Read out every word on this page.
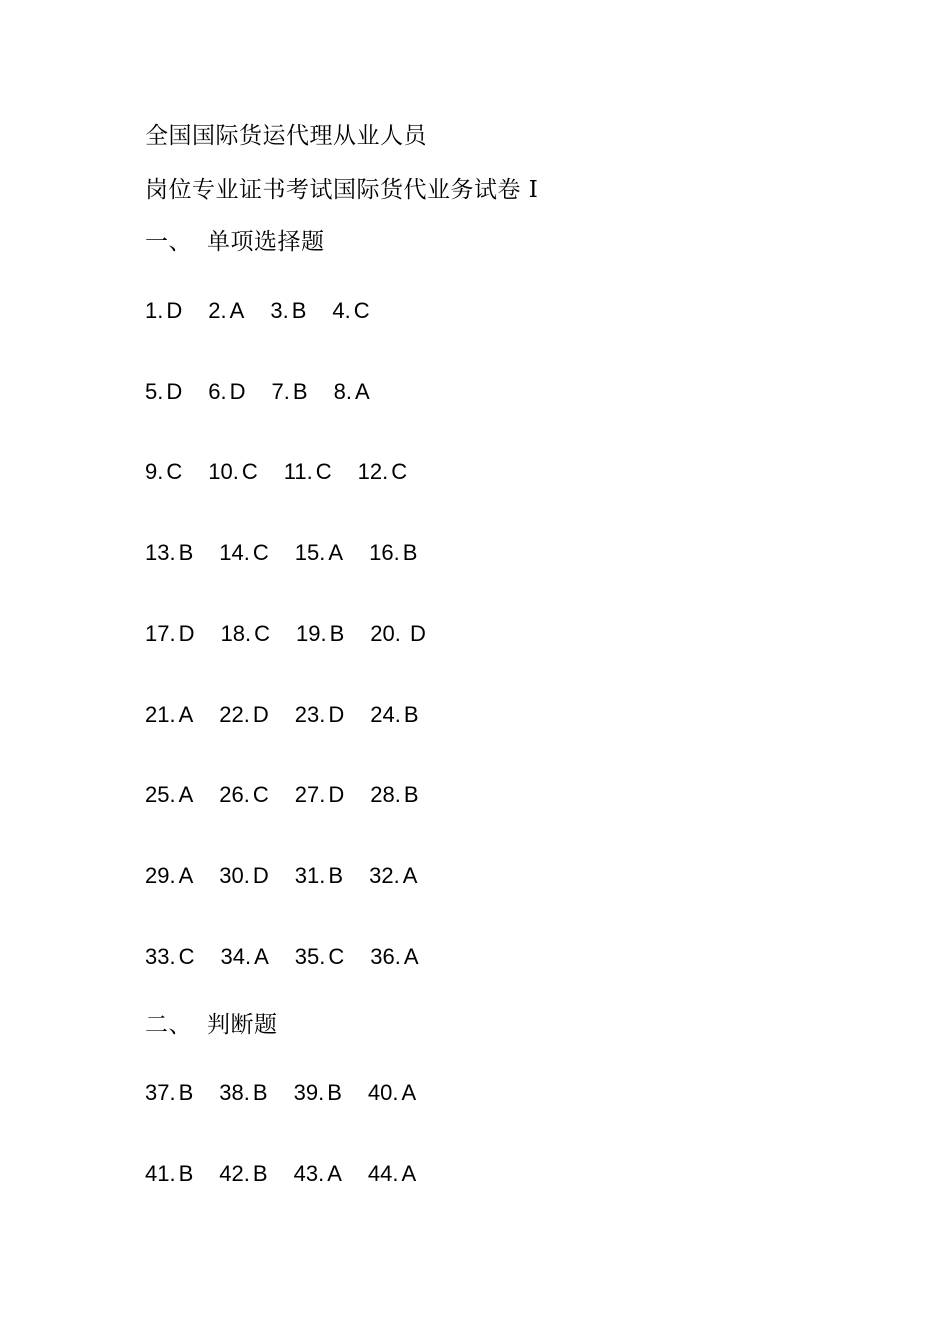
全国国际货运代理从业人员
岗位专业证书考试国际货代业务试卷 I
一、 单项选择题
1. D 2. A 3. B 4. C
5. D 6. D 7. B 8. A
9. C 10. C 11. C 12. C
13. B 14. C 15. A 16. B
17. D 18. C 19. B 20. D
21. A 22. D 23. D 24. B
25. A 26. C 27. D 28. B
29. A 30. D 31. B 32. A
33. C 34. A 35. C 36. A
二、 判断题
37. B 38. B 39. B 40. A
41. B 42. B 43. A 44. A
